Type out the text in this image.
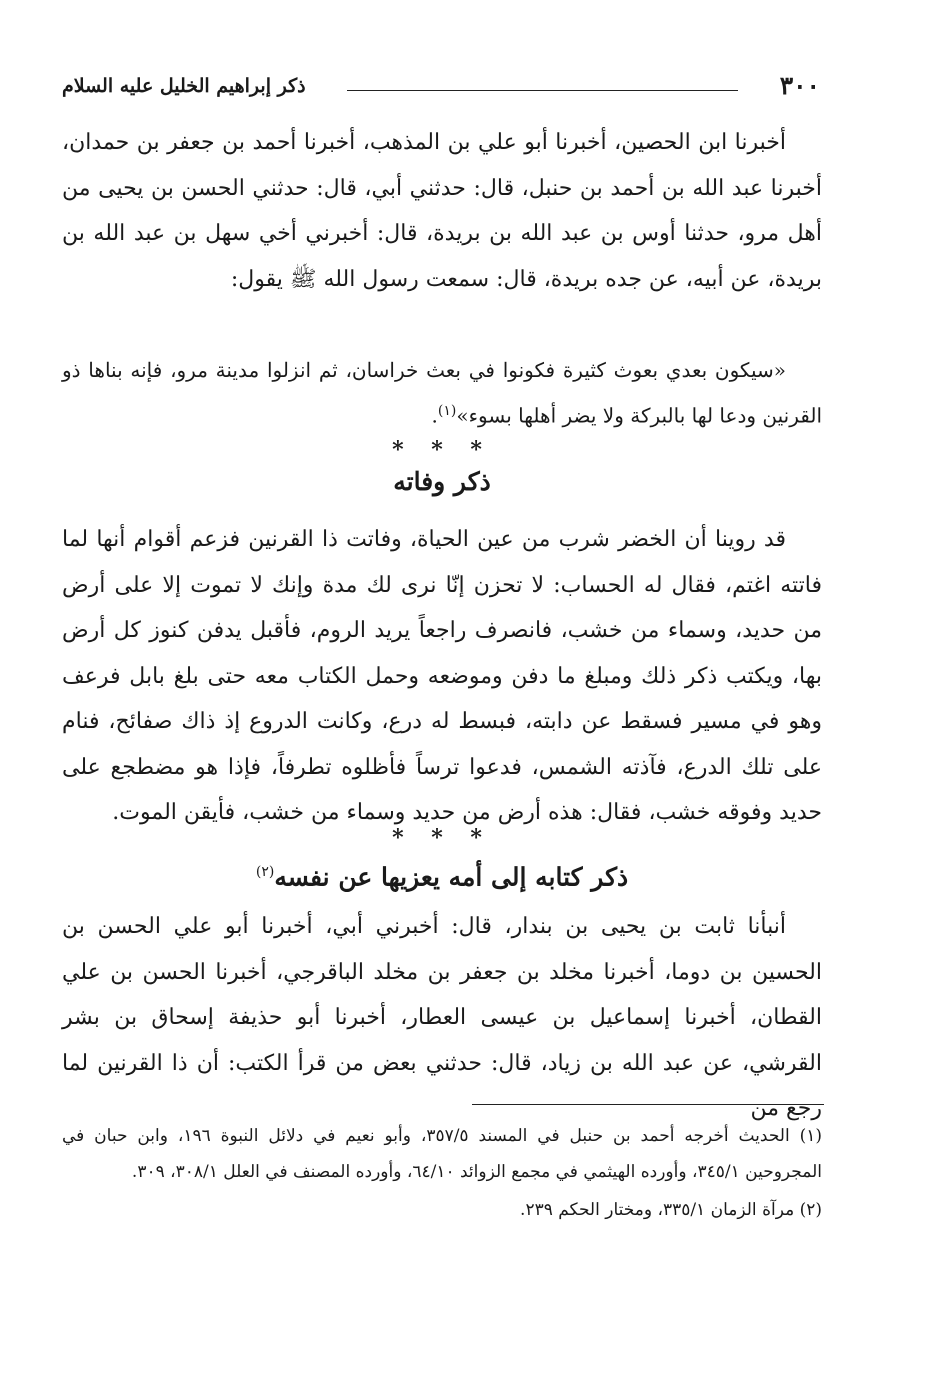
٣٠٠
ذكر إبراهيم الخليل عليه السلام

أخبرنا ابن الحصين، أخبرنا أبو علي بن المذهب، أخبرنا أحمد بن جعفر بن حمدان، أخبرنا عبد الله بن أحمد بن حنبل، قال: حدثني أبي، قال: حدثني الحسن بن يحيى من أهل مرو، حدثنا أوس بن عبد الله بن بريدة، قال: أخبرني أخي سهل بن عبد الله بن بريدة، عن أبيه، عن جده بريدة، قال: سمعت رسول الله ﷺ يقول:

«سيكون بعدي بعوث كثيرة فكونوا في بعث خراسان، ثم انزلوا مدينة مرو، فإنه بناها ذو القرنين ودعا لها بالبركة ولا يضر أهلها بسوء»$^{(١)}$.

* * *
ذكر وفاته

قد روينا أن الخضر شرب من عين الحياة، وفاتت ذا القرنين فزعم أقوام أنها لما فاتته اغتم، فقال له الحساب: لا تحزن إنّا نرى لك مدة وإنك لا تموت إلا على أرض من حديد، وسماء من خشب، فانصرف راجعاً يريد الروم، فأقبل يدفن كنوز كل أرض بها، ويكتب ذكر ذلك ومبلغ ما دفن وموضعه وحمل الكتاب معه حتى بلغ بابل فرعف وهو في مسير فسقط عن دابته، فبسط له درع، وكانت الدروع إذ ذاك صفائح، فنام على تلك الدرع، فآذته الشمس، فدعوا ترساً فأظلوه تطرفاً، فإذا هو مضطجع على حديد وفوقه خشب، فقال: هذه أرض من حديد وسماء من خشب، فأيقن الموت.

* * *
ذكر كتابه إلى أمه يعزيها عن نفسه$^{(٢)}$

أنبأنا ثابت بن يحيى بن بندار، قال: أخبرني أبي، أخبرنا أبو علي الحسن بن الحسين بن دوما، أخبرنا مخلد بن جعفر بن مخلد الباقرجي، أخبرنا الحسن بن علي القطان، أخبرنا إسماعيل بن عيسى العطار، أخبرنا أبو حذيفة إسحاق بن بشر القرشي، عن عبد الله بن زياد، قال: حدثني بعض من قرأ الكتب: أن ذا القرنين لما رجع من

(١) الحديث أخرجه أحمد بن حنبل في المسند ٣٥٧/٥، وأبو نعيم في دلائل النبوة ١٩٦، وابن حبان في المجروحين ٣٤٥/١، وأورده الهيثمي في مجمع الزوائد ٦٤/١٠، وأورده المصنف في العلل ٣٠٨/١، ٣٠٩.
(٢) مرآة الزمان ٣٣٥/١، ومختار الحكم ٢٣٩.
